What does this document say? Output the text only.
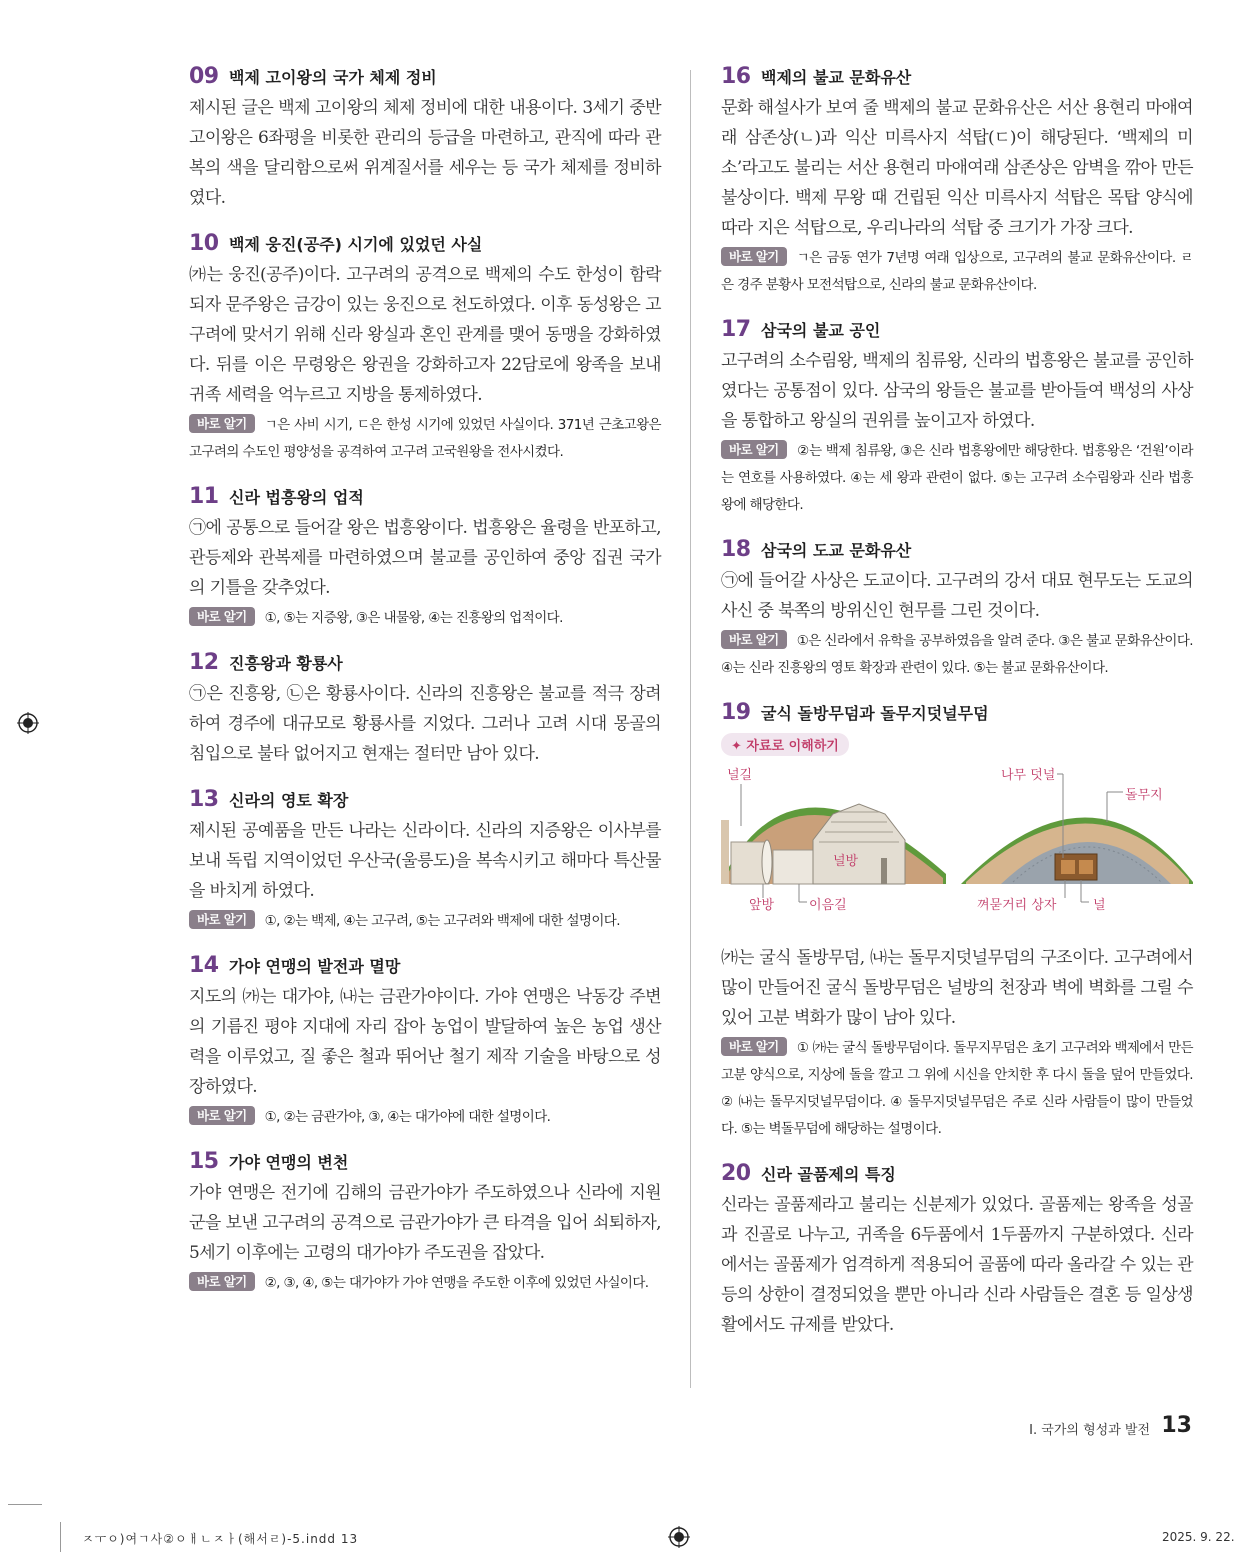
09 백제 고이왕의 국가 체제 정비

제시된 글은 백제 고이왕의 체제 정비에 대한 내용이다. 3세기 중반 고이왕은 6좌평을 비롯한 관리의 등급을 마련하고, 관직에 따라 관복의 색을 달리함으로써 위계질서를 세우는 등 국가 체제를 정비하였다.

10 백제 웅진(공주) 시기에 있었던 사실

㈎는 웅진(공주)이다. 고구려의 공격으로 백제의 수도 한성이 함락되자 문주왕은 금강이 있는 웅진으로 천도하였다. 이후 동성왕은 고구려에 맞서기 위해 신라 왕실과 혼인 관계를 맺어 동맹을 강화하였다. 뒤를 이은 무령왕은 왕권을 강화하고자 22담로에 왕족을 보내 귀족 세력을 억누르고 지방을 통제하였다.

바로 알기 ㄱ은 사비 시기, ㄷ은 한성 시기에 있었던 사실이다. 371년 근초고왕은 고구려의 수도인 평양성을 공격하여 고구려 고국원왕을 전사시켰다.

11 신라 법흥왕의 업적

㉠에 공통으로 들어갈 왕은 법흥왕이다. 법흥왕은 율령을 반포하고, 관등제와 관복제를 마련하였으며 불교를 공인하여 중앙 집권 국가의 기틀을 갖추었다.

바로 알기 ①, ⑤는 지증왕, ③은 내물왕, ④는 진흥왕의 업적이다.

12 진흥왕과 황룡사

㉠은 진흥왕, ㉡은 황룡사이다. 신라의 진흥왕은 불교를 적극 장려하여 경주에 대규모로 황룡사를 지었다. 그러나 고려 시대 몽골의 침입으로 불타 없어지고 현재는 절터만 남아 있다.

13 신라의 영토 확장

제시된 공예품을 만든 나라는 신라이다. 신라의 지증왕은 이사부를 보내 독립 지역이었던 우산국(울릉도)을 복속시키고 해마다 특산물을 바치게 하였다.

바로 알기 ①, ②는 백제, ④는 고구려, ⑤는 고구려와 백제에 대한 설명이다.

14 가야 연맹의 발전과 멸망

지도의 ㈎는 대가야, ㈏는 금관가야이다. 가야 연맹은 낙동강 주변의 기름진 평야 지대에 자리 잡아 농업이 발달하여 높은 농업 생산력을 이루었고, 질 좋은 철과 뛰어난 철기 제작 기술을 바탕으로 성장하였다.

바로 알기 ①, ②는 금관가야, ③, ④는 대가야에 대한 설명이다.

15 가야 연맹의 변천

가야 연맹은 전기에 김해의 금관가야가 주도하였으나 신라에 지원군을 보낸 고구려의 공격으로 금관가야가 큰 타격을 입어 쇠퇴하자, 5세기 이후에는 고령의 대가야가 주도권을 잡았다.

바로 알기 ②, ③, ④, ⑤는 대가야가 가야 연맹을 주도한 이후에 있었던 사실이다.

16 백제의 불교 문화유산

문화 해설사가 보여 줄 백제의 불교 문화유산은 서산 용현리 마애여래 삼존상(ㄴ)과 익산 미륵사지 석탑(ㄷ)이 해당된다. ‘백제의 미소’라고도 불리는 서산 용현리 마애여래 삼존상은 암벽을 깎아 만든 불상이다. 백제 무왕 때 건립된 익산 미륵사지 석탑은 목탑 양식에 따라 지은 석탑으로, 우리나라의 석탑 중 크기가 가장 크다.

바로 알기 ㄱ은 금동 연가 7년명 여래 입상으로, 고구려의 불교 문화유산이다. ㄹ은 경주 분황사 모전석탑으로, 신라의 불교 문화유산이다.

17 삼국의 불교 공인

고구려의 소수림왕, 백제의 침류왕, 신라의 법흥왕은 불교를 공인하였다는 공통점이 있다. 삼국의 왕들은 불교를 받아들여 백성의 사상을 통합하고 왕실의 권위를 높이고자 하였다.

바로 알기 ②는 백제 침류왕, ③은 신라 법흥왕에만 해당한다. 법흥왕은 ‘건원’이라는 연호를 사용하였다. ④는 세 왕과 관련이 없다. ⑤는 고구려 소수림왕과 신라 법흥왕에 해당한다.

18 삼국의 도교 문화유산

㉠에 들어갈 사상은 도교이다. 고구려의 강서 대묘 현무도는 도교의 사신 중 북쪽의 방위신인 현무를 그린 것이다.

바로 알기 ①은 신라에서 유학을 공부하였음을 알려 준다. ③은 불교 문화유산이다. ④는 신라 진흥왕의 영토 확장과 관련이 있다. ⑤는 불교 문화유산이다.

19 굴식 돌방무덤과 돌무지덧널무덤
✦ 자료로 이해하기
널길
널방
앞방	이음길
나무 덧널
돌무지
껴묻거리 상자	널

㈎는 굴식 돌방무덤, ㈏는 돌무지덧널무덤의 구조이다. 고구려에서 많이 만들어진 굴식 돌방무덤은 널방의 천장과 벽에 벽화를 그릴 수 있어 고분 벽화가 많이 남아 있다.

바로 알기 ① ㈎는 굴식 돌방무덤이다. 돌무지무덤은 초기 고구려와 백제에서 만든 고분 양식으로, 지상에 돌을 깔고 그 위에 시신을 안치한 후 다시 돌을 덮어 만들었다. ② ㈏는 돌무지덧널무덤이다. ④ 돌무지덧널무덤은 주로 신라 사람들이 많이 만들었다. ⑤는 벽돌무덤에 해당하는 설명이다.

20 신라 골품제의 특징

신라는 골품제라고 불리는 신분제가 있었다. 골품제는 왕족을 성골과 진골로 나누고, 귀족을 6두품에서 1두품까지 구분하였다. 신라에서는 골품제가 엄격하게 적용되어 골품에 따라 올라갈 수 있는 관등의 상한이 결정되었을 뿐만 아니라 신라 사람들은 결혼 등 일상생활에서도 규제를 받았다.

Ⅰ. 국가의 형성과 발전 13
ㅈㅜㅇ)여ㄱ사②ㅇㅐㄴㅈㅏ(해서ㄹ)-5.indd 13	2025. 9. 22.
